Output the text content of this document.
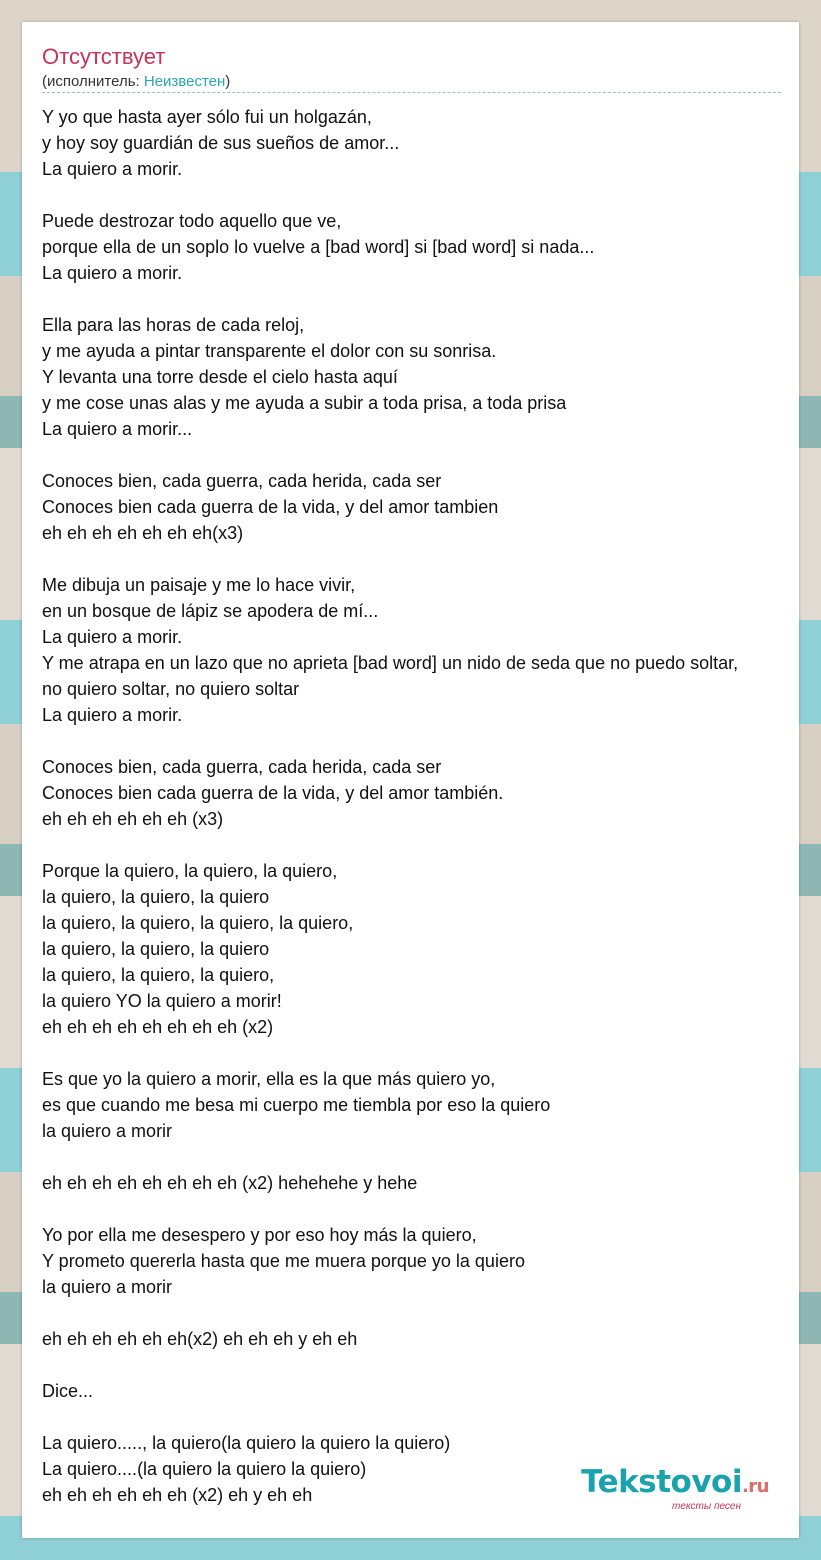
Отсутствует
(исполнитель: Неизвестен)
Y yo que hasta ayer sólo fui un holgazán,
y hoy soy guardián de sus sueños de amor...
La quiero a morir.

Puede destrozar todo aquello que ve,
porque ella de un soplo lo vuelve a [bad word] si [bad word] si nada...
La quiero a morir.

Ella para las horas de cada reloj,
y me ayuda a pintar transparente el dolor con su sonrisa.
Y levanta una torre desde el cielo hasta aquí
y me cose unas alas y me ayuda a subir a toda prisa, a toda prisa
La quiero a morir...

Conoces bien, cada guerra, cada herida, cada ser
Conoces bien cada guerra de la vida, y del amor tambien
eh eh eh eh eh eh eh(x3)

Me dibuja un paisaje y me lo hace vivir,
en un bosque de lápiz se apodera de mí...
La quiero a morir.
Y me atrapa en un lazo que no aprieta [bad word] un nido de seda que no puedo soltar,
no quiero soltar, no quiero soltar
La quiero a morir.

Conoces bien, cada guerra, cada herida, cada ser
Conoces bien cada guerra de la vida, y del amor también.
eh eh eh eh eh eh (x3)

Porque la quiero, la quiero, la quiero,
la quiero, la quiero, la quiero
la quiero, la quiero, la quiero, la quiero,
la quiero, la quiero, la quiero
la quiero, la quiero, la quiero,
la quiero YO la quiero a morir!
eh eh eh eh eh eh eh eh (x2)

Es que yo la quiero a morir, ella es la que más quiero yo,
es que cuando me besa mi cuerpo me tiembla por eso la quiero
la quiero a morir

eh eh eh eh eh eh eh eh (x2) hehehehe y hehe

Yo por ella me desespero y por eso hoy más la quiero,
Y prometo quererla hasta que me muera porque yo la quiero
la quiero a morir

eh eh eh eh eh eh(x2) eh eh eh y eh eh

Dice...

La quiero....., la quiero(la quiero la quiero la quiero)
La quiero....(la quiero la quiero la quiero)
eh eh eh eh eh eh (x2) eh y eh eh	Tekstovoi.ru
тексты песен
